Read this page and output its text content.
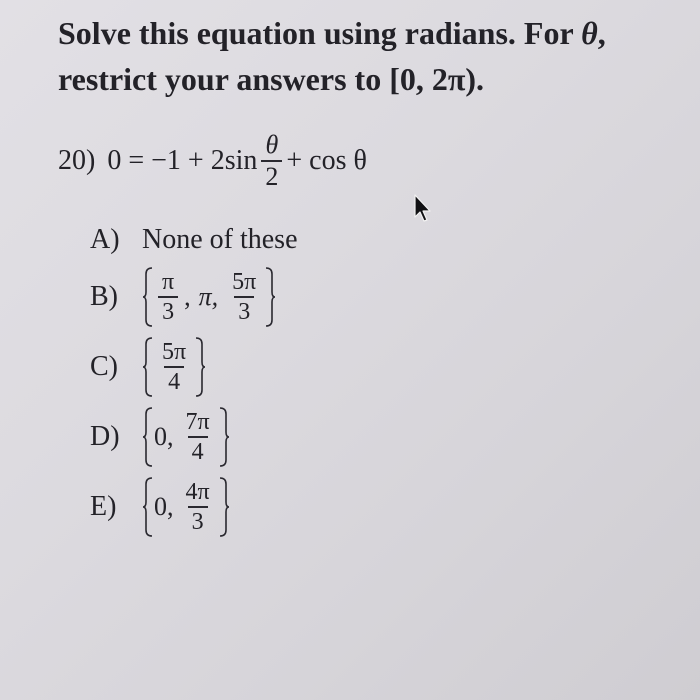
Solve this equation using radians. For θ,
restrict your answers to [0, 2π).
20) $0 = -1 + 2\sin \frac{\theta}{2} + \cos \theta$
A) None of these
B)	$\frac{\pi}{3}$ , π, $\frac{5\pi}{3}$
C)	$\frac{5\pi}{4}$
D)	0, $\frac{7\pi}{4}$
E)	0, $\frac{4\pi}{3}$
